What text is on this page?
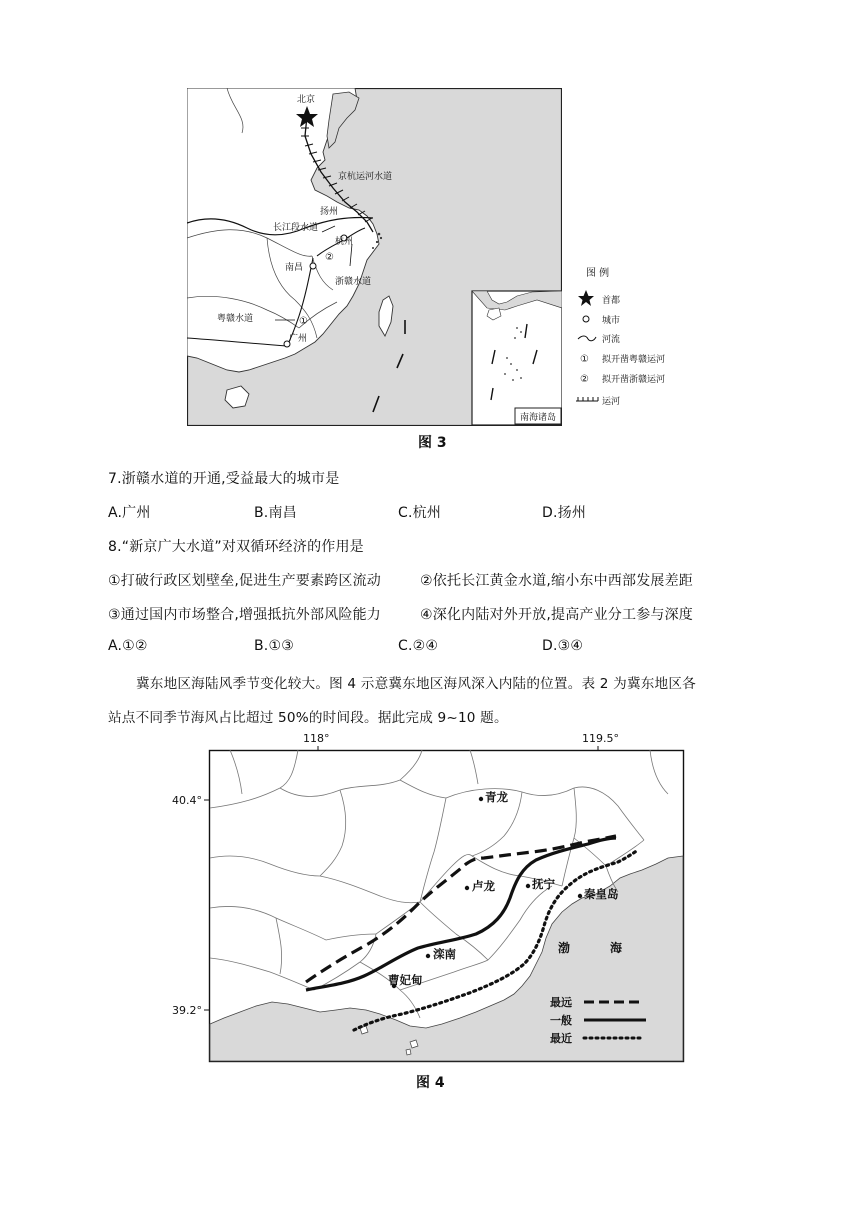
北京
京杭运河水道
扬州
长江段水道
杭州
②
南昌
浙赣水道
粤赣水道	①
广州
南海诸岛
图 例
首都
城市
河流
① 拟开凿粤赣运河
② 拟开凿浙赣运河
运河
图 3
7.浙赣水道的开通,受益最大的城市是
A.广州	B.南昌	C.杭州	D.扬州
8.“新京广大水道”对双循环经济的作用是
①打破行政区划壁垒,促进生产要素跨区流动	②依托长江黄金水道,缩小东中西部发展差距
③通过国内市场整合,增强抵抗外部风险能力	④深化内陆对外开放,提高产业分工参与深度
A.①②	B.①③	C.②④	D.③④
冀东地区海陆风季节变化较大。图 4 示意冀东地区海风深入内陆的位置。表 2 为冀东地区各
站点不同季节海风占比超过 50%的时间段。据此完成 9~10 题。
118°	119.5°
40.4°
39.2°
青龙
卢龙	抚宁
秦皇岛
滦南
曹妃甸
渤	海
最远
一般
最近
图 4
